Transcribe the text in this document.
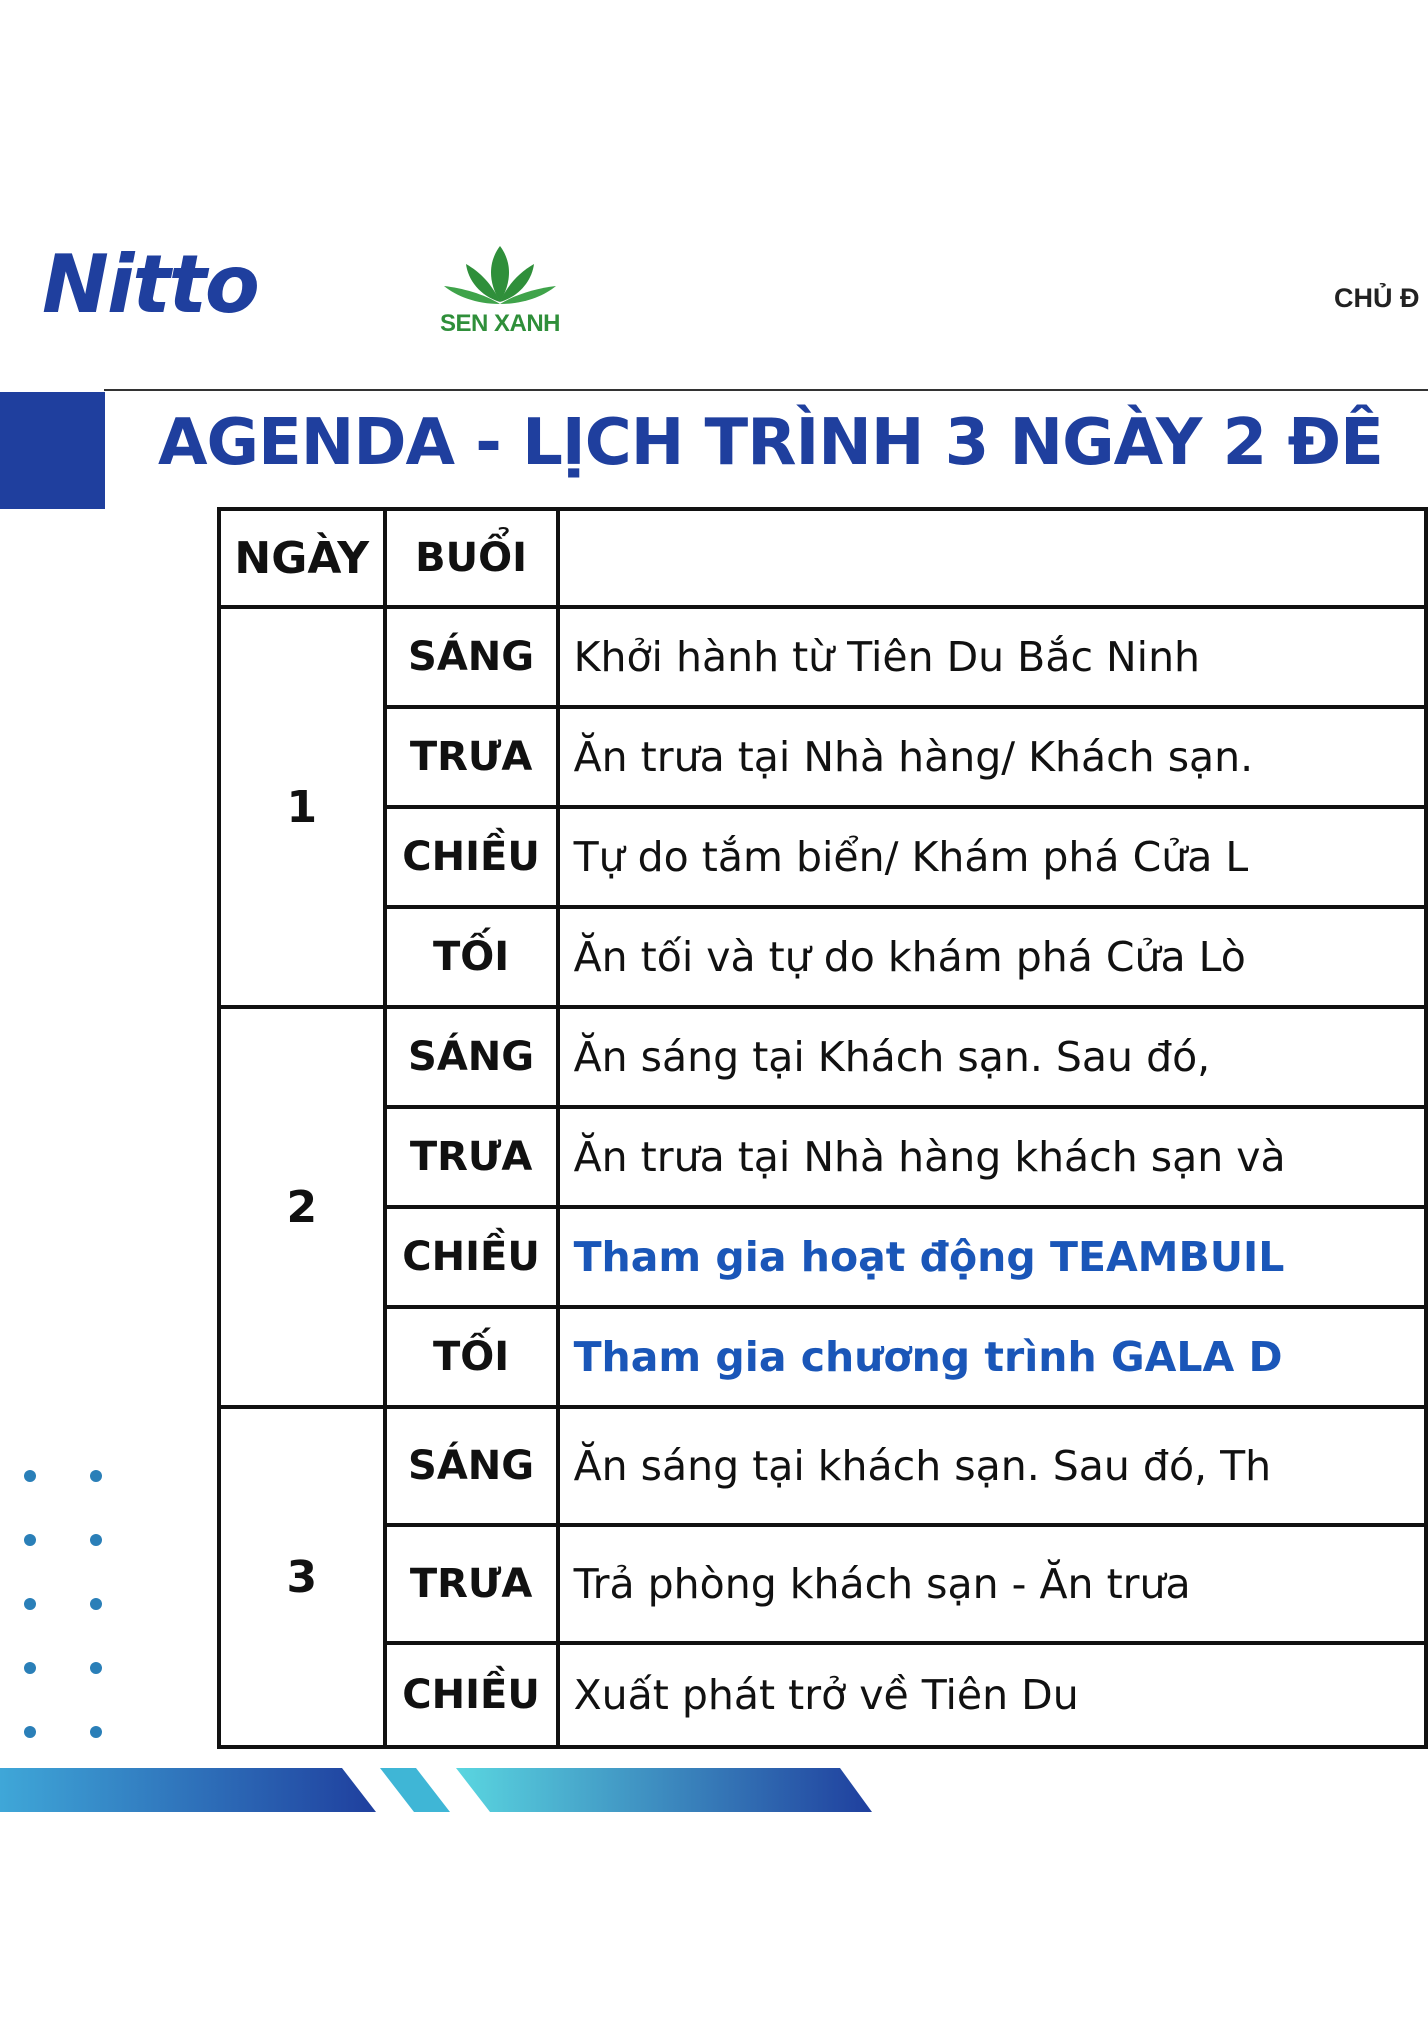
Nitto	SEN XANH
CHỦ Đ
AGENDA - LỊCH TRÌNH 3 NGÀY 2 ĐÊ
NGÀY	BUỔI	
1	SÁNG	Khởi hành từ Tiên Du Bắc Ninh
	TRƯA	Ăn trưa tại Nhà hàng/ Khách sạn.
	CHIỀU	Tự do tắm biển/ Khám phá Cửa L
	TỐI	Ăn tối và tự do khám phá Cửa Lò
2	SÁNG	Ăn sáng tại Khách sạn. Sau đó,
	TRƯA	Ăn trưa tại Nhà hàng khách sạn và
	CHIỀU	Tham gia hoạt động TEAMBUIL
	TỐI	Tham gia chương trình GALA D
3	SÁNG	Ăn sáng tại khách sạn. Sau đó, Th
	TRƯA	Trả phòng khách sạn - Ăn trưa
	CHIỀU	Xuất phát trở về Tiên Du
